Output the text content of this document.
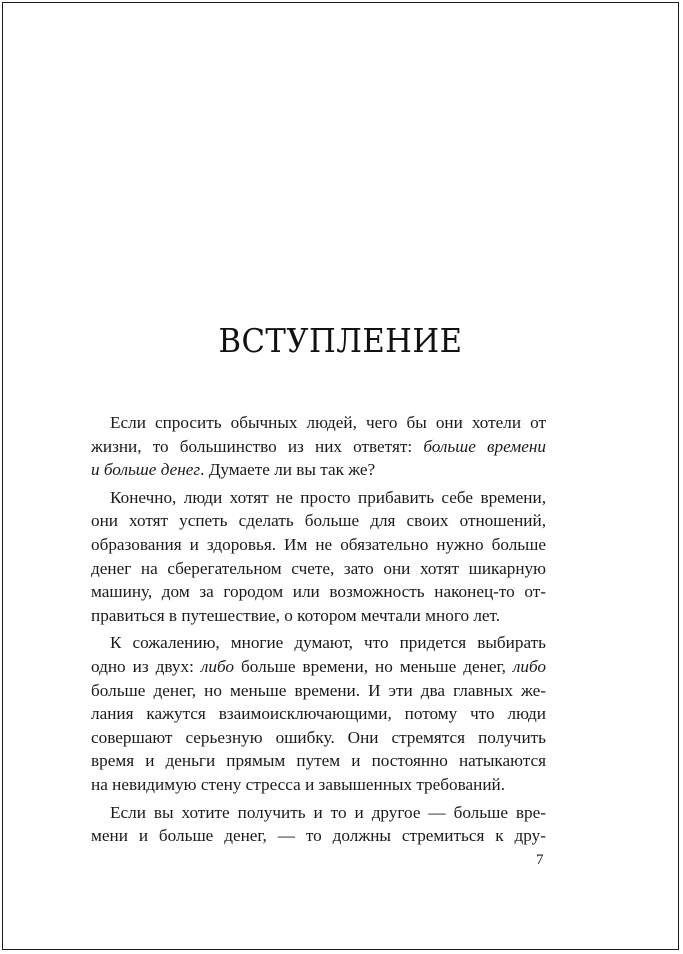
ВСТУПЛЕНИЕ
Если спросить обычных людей, чего бы они хотели от
жизни, то большинство из них ответят: больше времени
и больше денег. Думаете ли вы так же?
Конечно, люди хотят не просто прибавить себе времени,
они хотят успеть сделать больше для своих отношений,
образования и здоровья. Им не обязательно нужно больше
денег на сберегательном счете, зато они хотят шикарную
машину, дом за городом или возможность наконец-то от-
правиться в путешествие, о котором мечтали много лет.
К сожалению, многие думают, что придется выбирать
одно из двух: либо больше времени, но меньше денег, либо
больше денег, но меньше времени. И эти два главных же-
лания кажутся взаимоисключающими, потому что люди
совершают серьезную ошибку. Они стремятся получить
время и деньги прямым путем и постоянно натыкаются
на невидимую стену стресса и завышенных требований.
Если вы хотите получить и то и другое — больше вре-
мени и больше денег, — то должны стремиться к дру-
7
